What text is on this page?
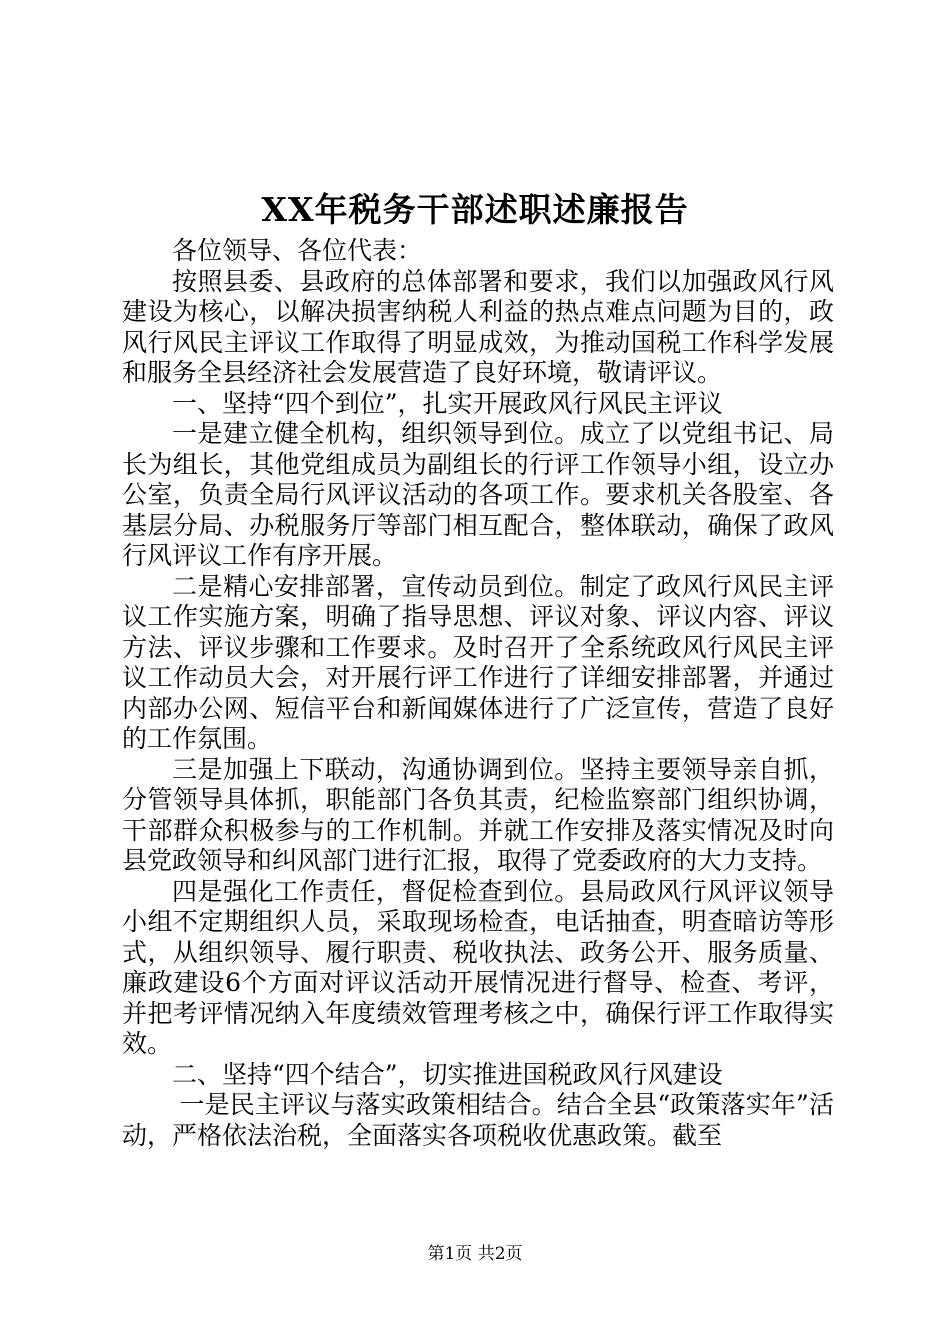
XX年税务干部述职述廉报告

各位领导、各位代表：

按照县委、县政府的总体部署和要求，我们以加强政风行风建设为核心，以解决损害纳税人利益的热点难点问题为目的，政风行风民主评议工作取得了明显成效，为推动国税工作科学发展和服务全县经济社会发展营造了良好环境，敬请评议。

一、坚持“四个到位”，扎实开展政风行风民主评议

一是建立健全机构，组织领导到位。成立了以党组书记、局长为组长，其他党组成员为副组长的行评工作领导小组，设立办公室，负责全局行风评议活动的各项工作。要求机关各股室、各基层分局、办税服务厅等部门相互配合，整体联动，确保了政风行风评议工作有序开展。

二是精心安排部署，宣传动员到位。制定了政风行风民主评议工作实施方案，明确了指导思想、评议对象、评议内容、评议方法、评议步骤和工作要求。及时召开了全系统政风行风民主评议工作动员大会，对开展行评工作进行了详细安排部署，并通过内部办公网、短信平台和新闻媒体进行了广泛宣传，营造了良好的工作氛围。

三是加强上下联动，沟通协调到位。坚持主要领导亲自抓，分管领导具体抓，职能部门各负其责，纪检监察部门组织协调，干部群众积极参与的工作机制。并就工作安排及落实情况及时向县党政领导和纠风部门进行汇报，取得了党委政府的大力支持。

四是强化工作责任，督促检查到位。县局政风行风评议领导小组不定期组织人员，采取现场检查，电话抽查，明查暗访等形式，从组织领导、履行职责、税收执法、政务公开、服务质量、廉政建设6个方面对评议活动开展情况进行督导、检查、考评，并把考评情况纳入年度绩效管理考核之中，确保行评工作取得实效。

二、坚持“四个结合”，切实推进国税政风行风建设

一是民主评议与落实政策相结合。结合全县“政策落实年”活动，严格依法治税，全面落实各项税收优惠政策。截至

第1页 共2页
